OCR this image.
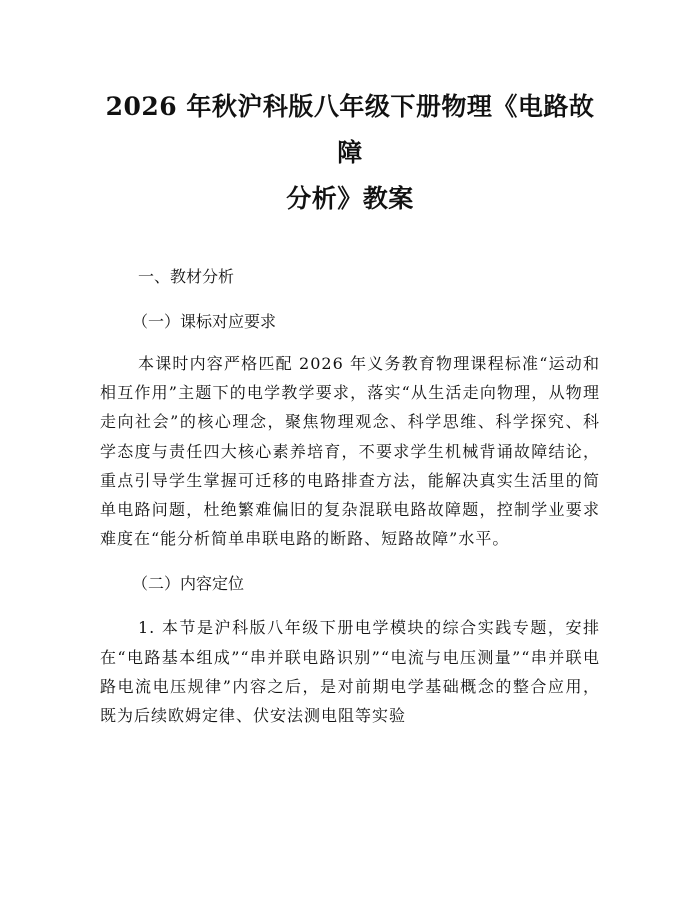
2026 年秋沪科版八年级下册物理《电路故障
分析》教案

一、教材分析

（一）课标对应要求

本课时内容严格匹配 2026 年义务教育物理课程标准“运动和相互作用”主题下的电学教学要求，落实“从生活走向物理，从物理走向社会”的核心理念，聚焦物理观念、科学思维、科学探究、科学态度与责任四大核心素养培育，不要求学生机械背诵故障结论，重点引导学生掌握可迁移的电路排查方法，能解决真实生活里的简单电路问题，杜绝繁难偏旧的复杂混联电路故障题，控制学业要求难度在“能分析简单串联电路的断路、短路故障”水平。

（二）内容定位

1. 本节是沪科版八年级下册电学模块的综合实践专题，安排在“电路基本组成”“串并联电路识别”“电流与电压测量”“串并联电路电流电压规律”内容之后，是对前期电学基础概念的整合应用，既为后续欧姆定律、伏安法测电阻等实验
